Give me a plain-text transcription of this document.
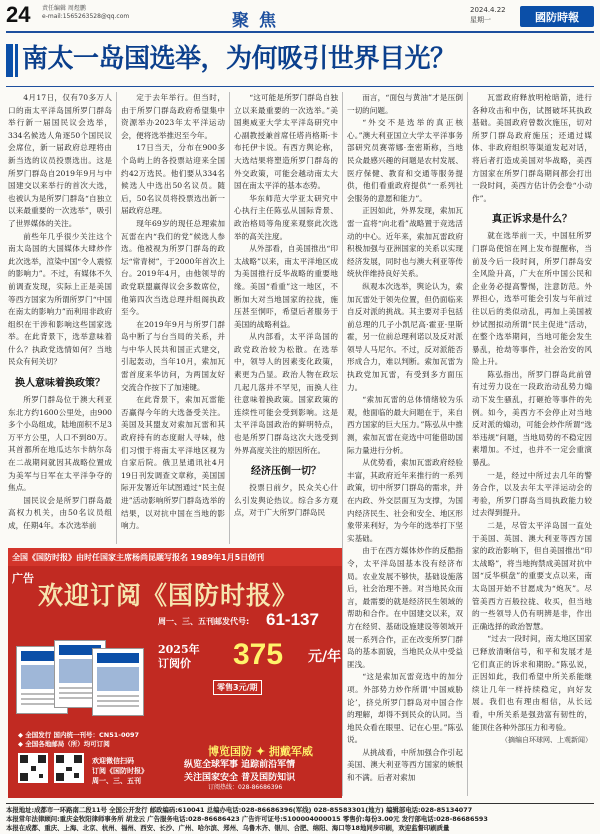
24 责任编辑 周煜鹏
e-mail:1565263528@qq.com	聚焦
2024.4.22
星期一	國防時報
南太一岛国选举，为何吸引世界目光？

4月17日，仅有70多万人口的南太平洋岛国所罗门群岛举行新一届国民议会选举，334名候选人角逐50个国民议会席位，新一届政府总理将由新当选的议员投票选出。这是所罗门群岛自2019年9月与中国建交以来举行的首次大选，也被认为是所罗门群岛“自独立以来最重要的一次选举”，吸引了世界媒体的关注。

前些年几乎很少关注这个南太岛国的大国媒体大肆炒作此次选举，渲染中国“令人震惊的影响力”。不过，有媒体不久前调查发现，实际上正是美国等西方国家为所谓所罗门“中国在南太的影响力”而利用非政府组织在干涉和影响这些国家选举。在此背景下，选举意味着什么？执政党选情如何？当地民众有何关切？

换人意味着换政策？

所罗门群岛位于澳大利亚东北方约1600公里处，由900多个小岛组成，陆地面积不足3万平方公里，人口不到80万。其首都所在地瓜达尔卡纳尔岛在二战期间就因其战略位置成为美军与日军在太平洋争夺的焦点。

国民议会是所罗门群岛最高权力机关，由50名议员组成，任期4年。本次选举前

定于去年举行。但当时，由于所罗门群岛政府希望集中资源举办2023年太平洋运动会，便将选举推迟至今年。

17日当天，分布在900多个岛屿上的各投票站迎来全国约42万选民。他们要从334名候选人中选出50名议员。随后，50名议员将投票选出新一届政府总理。

现年69岁的现任总理索加瓦雷在内“我们的党”候选人参选。他被视为所罗门群岛的政坛“常青树”，于2000年首次上台。2019年4月，由他领导的政党联盟赢得议会多数席位，他第四次当选总理并组阁执政至今。

在2019年9月与所罗门群岛中断了与台当局的关系，并与中华人民共和国正式建交，引起轰动，当年10月，索加瓦雷首度来华访问，为两国友好交流合作按下了加速键。

在此背景下，索加瓦雷能否赢得今年的大选备受关注。美国及其盟友对索加瓦雷和其政府持有的态度耐人寻味，他们习惯于将南太平洋地区视为自家后院。俄卫星通讯社4月19日刊发调查文章称，美国国际开发署近年试图通过“民主促进”活动影响所罗门群岛选举的结果，以对抗中国在当地的影响力。

“这可能是所罗门群岛自独立以来最重要的一次选举。”美国奥威亚大学太平洋岛研究中心副教授兼首席任塔肖格斯·卡布托伊卡说。有西方舆论称，大选结果将塑造所罗门群岛的外交政策，可能会越动南太大国在南太平洋的基本态势。

华东师范大学亚太研究中心执行主任陈弘从国际背景、政治格局等角度来观察此次选举的高关注度。

从外部看，自美国推出“印太战略”以来，南太平洋地区成为美国推行反华战略的重要地缘。美国“看重”这一地区，不断加大对当地国家的拉拢，施压甚至恫吓，希望后者服务于美国的战略利益。

从内部看，太平洋岛国的政党政治较为松散。在选举中，领导人的因素变化政策，素更为凸显。政治人物在政坛几起几落并不罕见，而换人往往意味着换政策。国家政策的连续性可能会受到影响。这是太平洋岛国政治的鲜明特点，也是所罗门群岛这次大选受到外界高度关注的原因所在。

经济压倒一切？

投票日前夕，民众关心什么引发舆论热议。综合多方观点，对于广大所罗门群岛民

而言，“面包与黄油”才是压倒一切的问题。

“外交不是选举的真正核心。”澳大利亚国立大学太平洋事务部研究员赛蒂娜·奎密斯称，当地民众最感兴趣的问题是农村发展、医疗保健、教育和交通等服务提供，他们看重政府提供“一系列社会服务的意愿和能力”。

正因如此，外界发现，索加瓦雷一直将“向北看”战略置于竞选活动的中心。近年来，索加瓦雷政府积极加强与亚洲国家的关系以实现经济发展，同时也与澳大利亚等传统伙伴维持良好关系。

纵观本次选举，舆论认为，索加瓦雷处于领先位置，但仍面临来自反对派的挑战。其主要对手包括前总理的几子小凯尼高·霍亚·里斯霍，另一位前总理利诺以及反对派领导人马尼尔。不过，反对派能否形成合力，难以判断。索加瓦雷为执政党加瓦雷，有受到多方面压力。

“索加瓦雷的总体情绪较为乐观，他面临的最大问题在于，来自西方国家的巨大压力。”陈弘从中推测，索加瓦雷在竞选中可能借助国际力量进行分析。

从优势看，索加瓦雷政府经验丰富，其政府近年来推行的一系列政策，切中所罗门群岛的需求，并在内政、外交层面互为支撑，为国内经济民生、社会和安全、地区形象带来利好，为今年的选举打下坚实基础。

由于在西方媒体炒作的反酷指令，太平洋岛国基本没有经济布局。农业发展不够快，基础设施落后，社会治理不善。对当地民众而言，最需要的就是经济民生领域的帮助和合作。在中国建交以来，双方在经贸、基础设施建设等领域开展一系列合作，正在改变所罗门群岛的基本面貌，当地民众从中受益匪浅。

“这是索加瓦雷竞选中的加分项。外部势力炒作所谓‘中国威胁论’，挤兑所罗门群岛对中国合作的理解，却得不到民众的认同。当地民众看在眼里、记在心里。”陈弘说。

从挑战看，中所加强合作引起美国、澳大利亚等西方国家的嫉恨和不满。后者对索加

瓦雷政府释放明枪暗箭，进行各种攻击和中伤，试图破坏其执政基础。美国政府曾数次施压，切对所罗门群岛政府施压；还通过媒体、非政府组织等渠道发起对话，将后者打造成美国对华战略，美西方国家在所罗门群岛期间都会打出一段时间，美西方估计仍会卷“小动作”。

真正诉求是什么？

就在选举前一天，中国驻所罗门群岛使馆在网上发布提醒称，当前及今后一段时间，所罗门群岛安全风险升高，广大在所中国公民和企业务必提高警惕，注意防范。外界担心，选举可能会引发与年前过往以后的类似动乱，再加上美国被炒试图拟动所谓“民主促进”活动，在整个选举期间，当地可能会发生暴乱，抢劫等事件，社会治安的风险上升。

陈弘指出，所罗门群岛此前曾有过劳力设在一段政治动乱势力煽动下发生骚乱，打砸抢等事件的先例。如今，美西方不会停止对当地反对派的煽动，可能会炒作所谓“选举违规”问题，当地局势的不稳定因素增加。不过，也并不一定会重演暴乱。

一是，经过中所过去几年的警务合作，以及去年太平洋运动会的考验，所罗门群岛当局执政能力较过去得到提升。

二是，尽管太平洋岛国一直处于美国、英国、澳大利亚等西方国家的政治影响下，但自美国推出“印太战略”，将当地拘禁成美国对抗中国“反华棋盘”的重要支点以来，南太岛国开始不甘愿成为“炮灰”。尽管美西方百般拉拢、收买，但当地的一些领导人仍有明辨是非，作出正确选择的政治智慧。

“过去一段时间，南太地区国家已释放清晰信号，和平和发展才是它们真正的诉求和期盼。”陈弘说，正因如此，我们希望中所关系能继续让几年一样持续稳定，向好发展。我们也有理由相信，从长远看，中所关系是强劲富有韧性的，能顶住各种外部压力和考验。

（摘编自环球网、上观新闻）
全国《国防时报》由时任国家主席杨尚昆题写报名 1989年1月5日创刊
广告
欢迎订阅《国防时报》
周一、三、五刊邮发代号: 61-137
2025年
订阅价 375 元/年
零售3元/期
◆ 全国发行 国内统一刊号：CN51-0097
◆ 全国各地邮局（所）均可订阅
欢迎微信扫码
订阅《国防时报》
周一、三、五刊
博览国防 ✦ 拥戴军威
纵览全球军事 追踪前沿军情
关注国家安全 普及国防知识
订阅热线：028-86686396
本报地址:成都市一环路南二段11号 全国公开发行 邮政编码:610041 总编办电话:028-86686396(军线) 028-85583301(地方) 编辑部电话:028-85134077
本报常年法律顾问:重庆金牧阳律师事务所 胡龙云 广告服务电话:028-86686423 广告许可证号:5100004000015 零售价:每份3.00元 发行部电话:028-86686593
本报在成都、重庆、上海、北京、杭州、福州、西安、长沙、广州、哈尔滨、郑州、乌鲁木齐、银川、合肥、绵阳、海口等18地同步印刷，欢迎监督印刷质量
